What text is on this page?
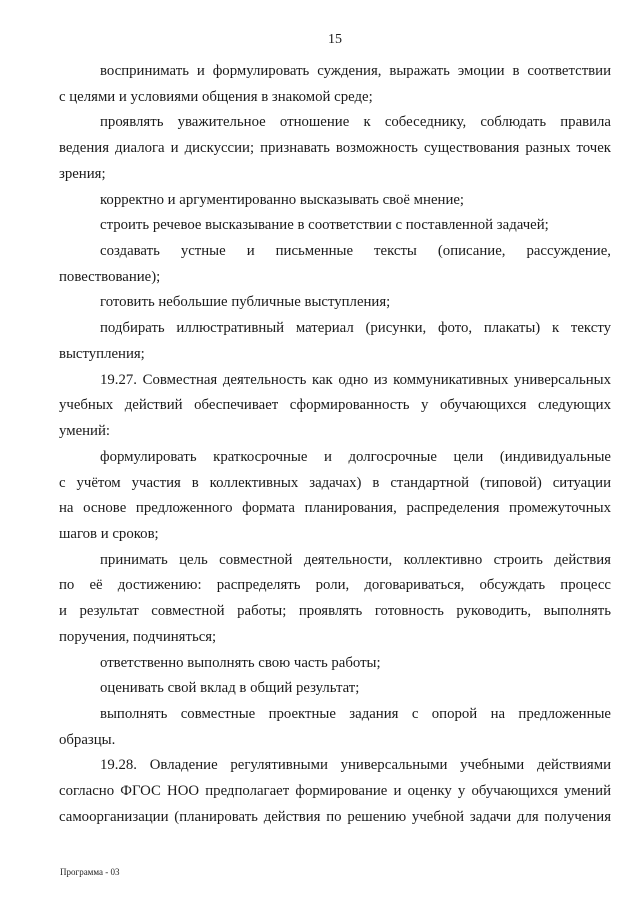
15
воспринимать и формулировать суждения, выражать эмоции в соответствии
с целями и условиями общения в знакомой среде;
проявлять уважительное отношение к собеседнику, соблюдать правила
ведения диалога и дискуссии; признавать возможность существования разных точек
зрения;
корректно и аргументированно высказывать своё мнение;
строить речевое высказывание в соответствии с поставленной задачей;
создавать устные и письменные тексты (описание, рассуждение,
повествование);
готовить небольшие публичные выступления;
подбирать иллюстративный материал (рисунки, фото, плакаты) к тексту
выступления;
19.27. Совместная деятельность как одно из коммуникативных универсальных
учебных действий обеспечивает сформированность у обучающихся следующих
умений:
формулировать краткосрочные и долгосрочные цели (индивидуальные
с учётом участия в коллективных задачах) в стандартной (типовой) ситуации
на основе предложенного формата планирования, распределения промежуточных
шагов и сроков;
принимать цель совместной деятельности, коллективно строить действия
по её достижению: распределять роли, договариваться, обсуждать процесс
и результат совместной работы; проявлять готовность руководить, выполнять
поручения, подчиняться;
ответственно выполнять свою часть работы;
оценивать свой вклад в общий результат;
выполнять совместные проектные задания с опорой на предложенные
образцы.
19.28. Овладение регулятивными универсальными учебными действиями
согласно ФГОС НОО предполагает формирование и оценку у обучающихся умений
самоорганизации (планировать действия по решению учебной задачи для получения
Программа - 03
